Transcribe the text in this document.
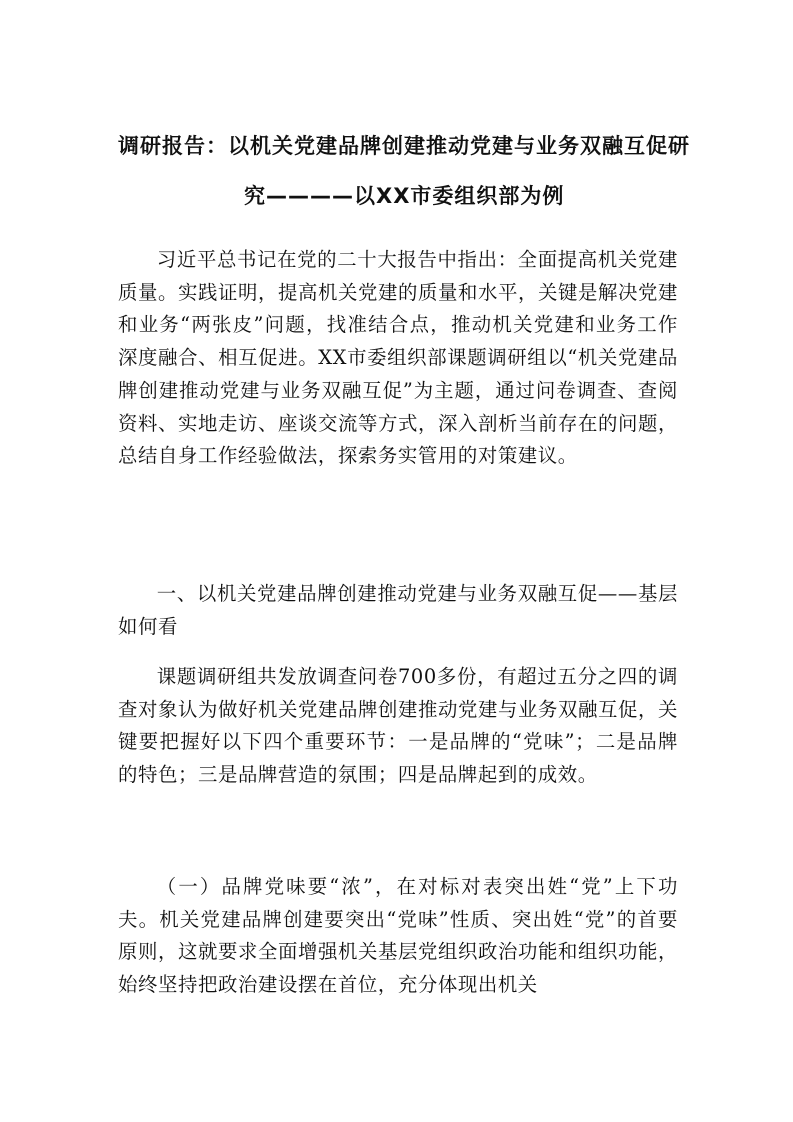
调研报告：以机关党建品牌创建推动党建与业务双融互促研
究————以XX市委组织部为例

习近平总书记在党的二十大报告中指出：全面提高机关党建质量。实践证明，提高机关党建的质量和水平，关键是解决党建和业务“两张皮”问题，找准结合点，推动机关党建和业务工作深度融合、相互促进。XX市委组织部课题调研组以“机关党建品牌创建推动党建与业务双融互促”为主题，通过问卷调查、查阅资料、实地走访、座谈交流等方式，深入剖析当前存在的问题，总结自身工作经验做法，探索务实管用的对策建议。

一、以机关党建品牌创建推动党建与业务双融互促——基层如何看

课题调研组共发放调查问卷700多份，有超过五分之四的调查对象认为做好机关党建品牌创建推动党建与业务双融互促，关键要把握好以下四个重要环节：一是品牌的“党味”；二是品牌的特色；三是品牌营造的氛围；四是品牌起到的成效。

（一）品牌党味要“浓”，在对标对表突出姓“党”上下功夫。机关党建品牌创建要突出“党味”性质、突出姓“党”的首要原则，这就要求全面增强机关基层党组织政治功能和组织功能，始终坚持把政治建设摆在首位，充分体现出机关
